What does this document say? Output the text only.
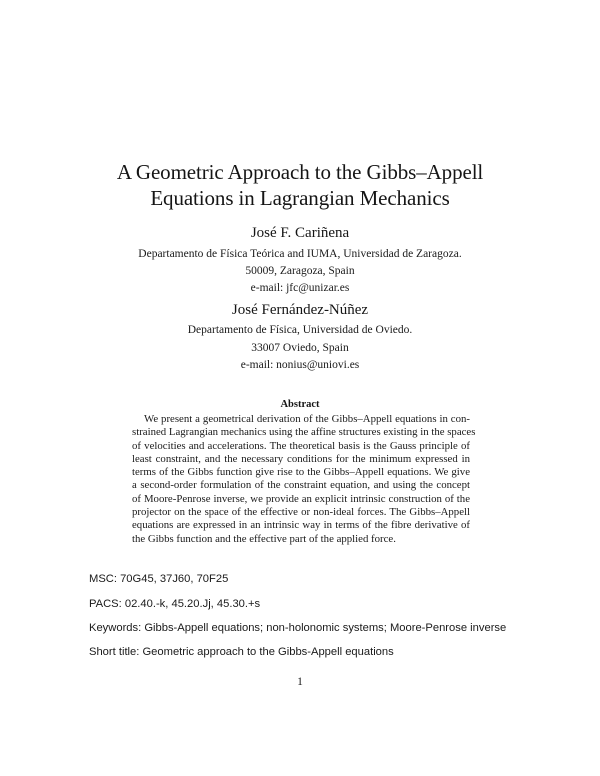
A Geometric Approach to the Gibbs–Appell
Equations in Lagrangian Mechanics
José F. Cariñena
Departamento de Física Teórica and IUMA, Universidad de Zaragoza.
50009, Zaragoza, Spain
e-mail: jfc@unizar.es
José Fernández-Núñez
Departamento de Física, Universidad de Oviedo.
33007 Oviedo, Spain
e-mail: nonius@uniovi.es
Abstract
We present a geometrical derivation of the Gibbs–Appell equations in con-
strained Lagrangian mechanics using the affine structures existing in the spaces
of velocities and accelerations. The theoretical basis is the Gauss principle of
least constraint, and the necessary conditions for the minimum expressed in
terms of the Gibbs function give rise to the Gibbs–Appell equations. We give
a second-order formulation of the constraint equation, and using the concept
of Moore-Penrose inverse, we provide an explicit intrinsic construction of the
projector on the space of the effective or non-ideal forces. The Gibbs–Appell
equations are expressed in an intrinsic way in terms of the fibre derivative of
the Gibbs function and the effective part of the applied force.
MSC: 70G45, 37J60, 70F25
PACS: 02.40.-k, 45.20.Jj, 45.30.+s
Keywords: Gibbs-Appell equations; non-holonomic systems; Moore-Penrose inverse
Short title: Geometric approach to the Gibbs-Appell equations
1
